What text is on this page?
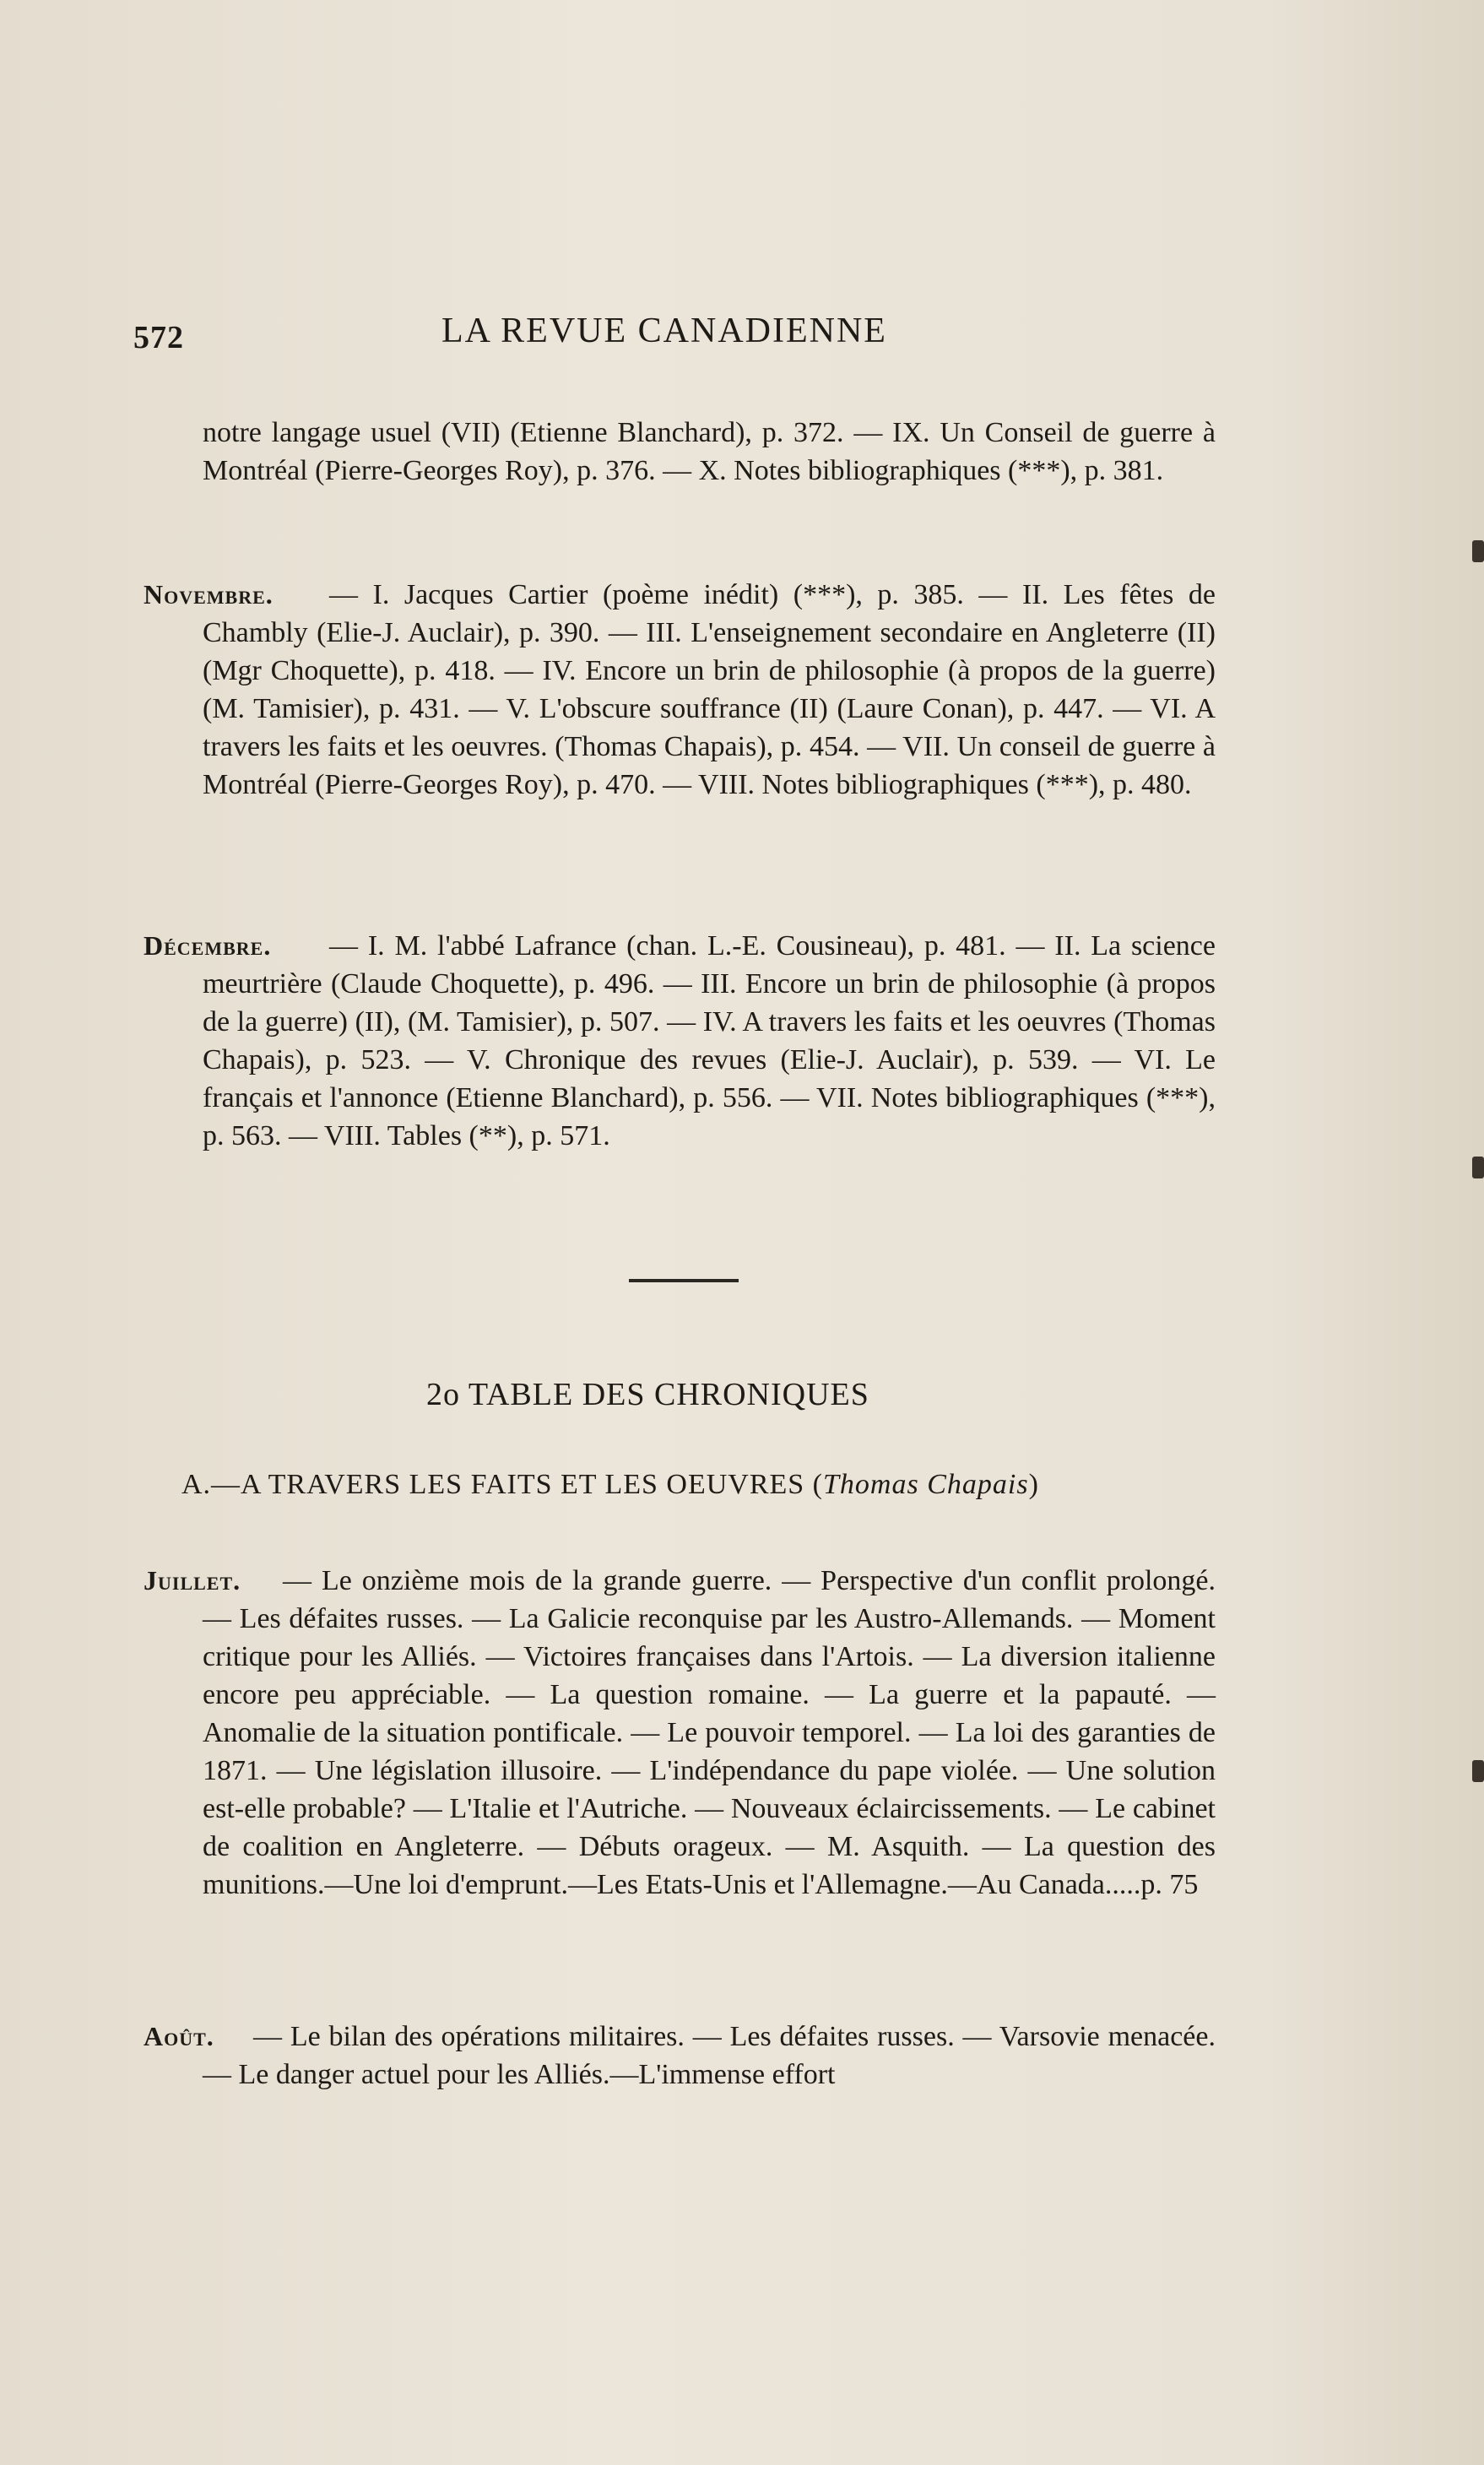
572	LA REVUE CANADIENNE

notre langage usuel (VII) (Etienne Blanchard), p. 372. — IX. Un Conseil de guerre à Montréal (Pierre-Georges Roy), p. 376. — X. Notes bibliographiques (***), p. 381.

Novembre.	— I. Jacques Cartier (poème inédit) (***), p. 385. — II. Les fêtes de Chambly (Elie-J. Auclair), p. 390. — III. L'enseignement secondaire en Angleterre (II) (Mgr Choquette), p. 418. — IV. Encore un brin de philosophie (à propos de la guerre) (M. Tamisier), p. 431. — V. L'obscure souffrance (II) (Laure Conan), p. 447. — VI. A travers les faits et les oeuvres. (Thomas Chapais), p. 454. — VII. Un conseil de guerre à Montréal (Pierre-Georges Roy), p. 470. — VIII. Notes bibliographiques (***), p. 480.
Décembre.	— I. M. l'abbé Lafrance (chan. L.-E. Cousineau), p. 481. — II. La science meurtrière (Claude Choquette), p. 496. — III. Encore un brin de philosophie (à propos de la guerre) (II), (M. Tamisier), p. 507. — IV. A travers les faits et les oeuvres (Thomas Chapais), p. 523. — V. Chronique des revues (Elie-J. Auclair), p. 539. — VI. Le français et l'annonce (Etienne Blanchard), p. 556. — VII. Notes bibliographiques (***), p. 563. — VIII. Tables (**), p. 571.
2o TABLE DES CHRONIQUES
A.—A TRAVERS LES FAITS ET LES OEUVRES (Thomas Chapais)
Juillet.	— Le onzième mois de la grande guerre. — Perspective d'un conflit prolongé. — Les défaites russes. — La Galicie reconquise par les Austro-Allemands. — Moment critique pour les Alliés. — Victoires françaises dans l'Artois. — La diversion italienne encore peu appréciable. — La question romaine. — La guerre et la papauté. — Anomalie de la situation pontificale. — Le pouvoir temporel. — La loi des garanties de 1871. — Une législation illusoire. — L'indépendance du pape violée. — Une solution est-elle probable? — L'Italie et l'Autriche. — Nouveaux éclaircissements. — Le cabinet de coalition en Angleterre. — Débuts orageux. — M. Asquith. — La question des munitions.—Une loi d'emprunt.—Les Etats-Unis et l'Allemagne.—Au Canada.....p. 75
Août.	— Le bilan des opérations militaires. — Les défaites russes. — Varsovie menacée. — Le danger actuel pour les Alliés.—L'immense effort
